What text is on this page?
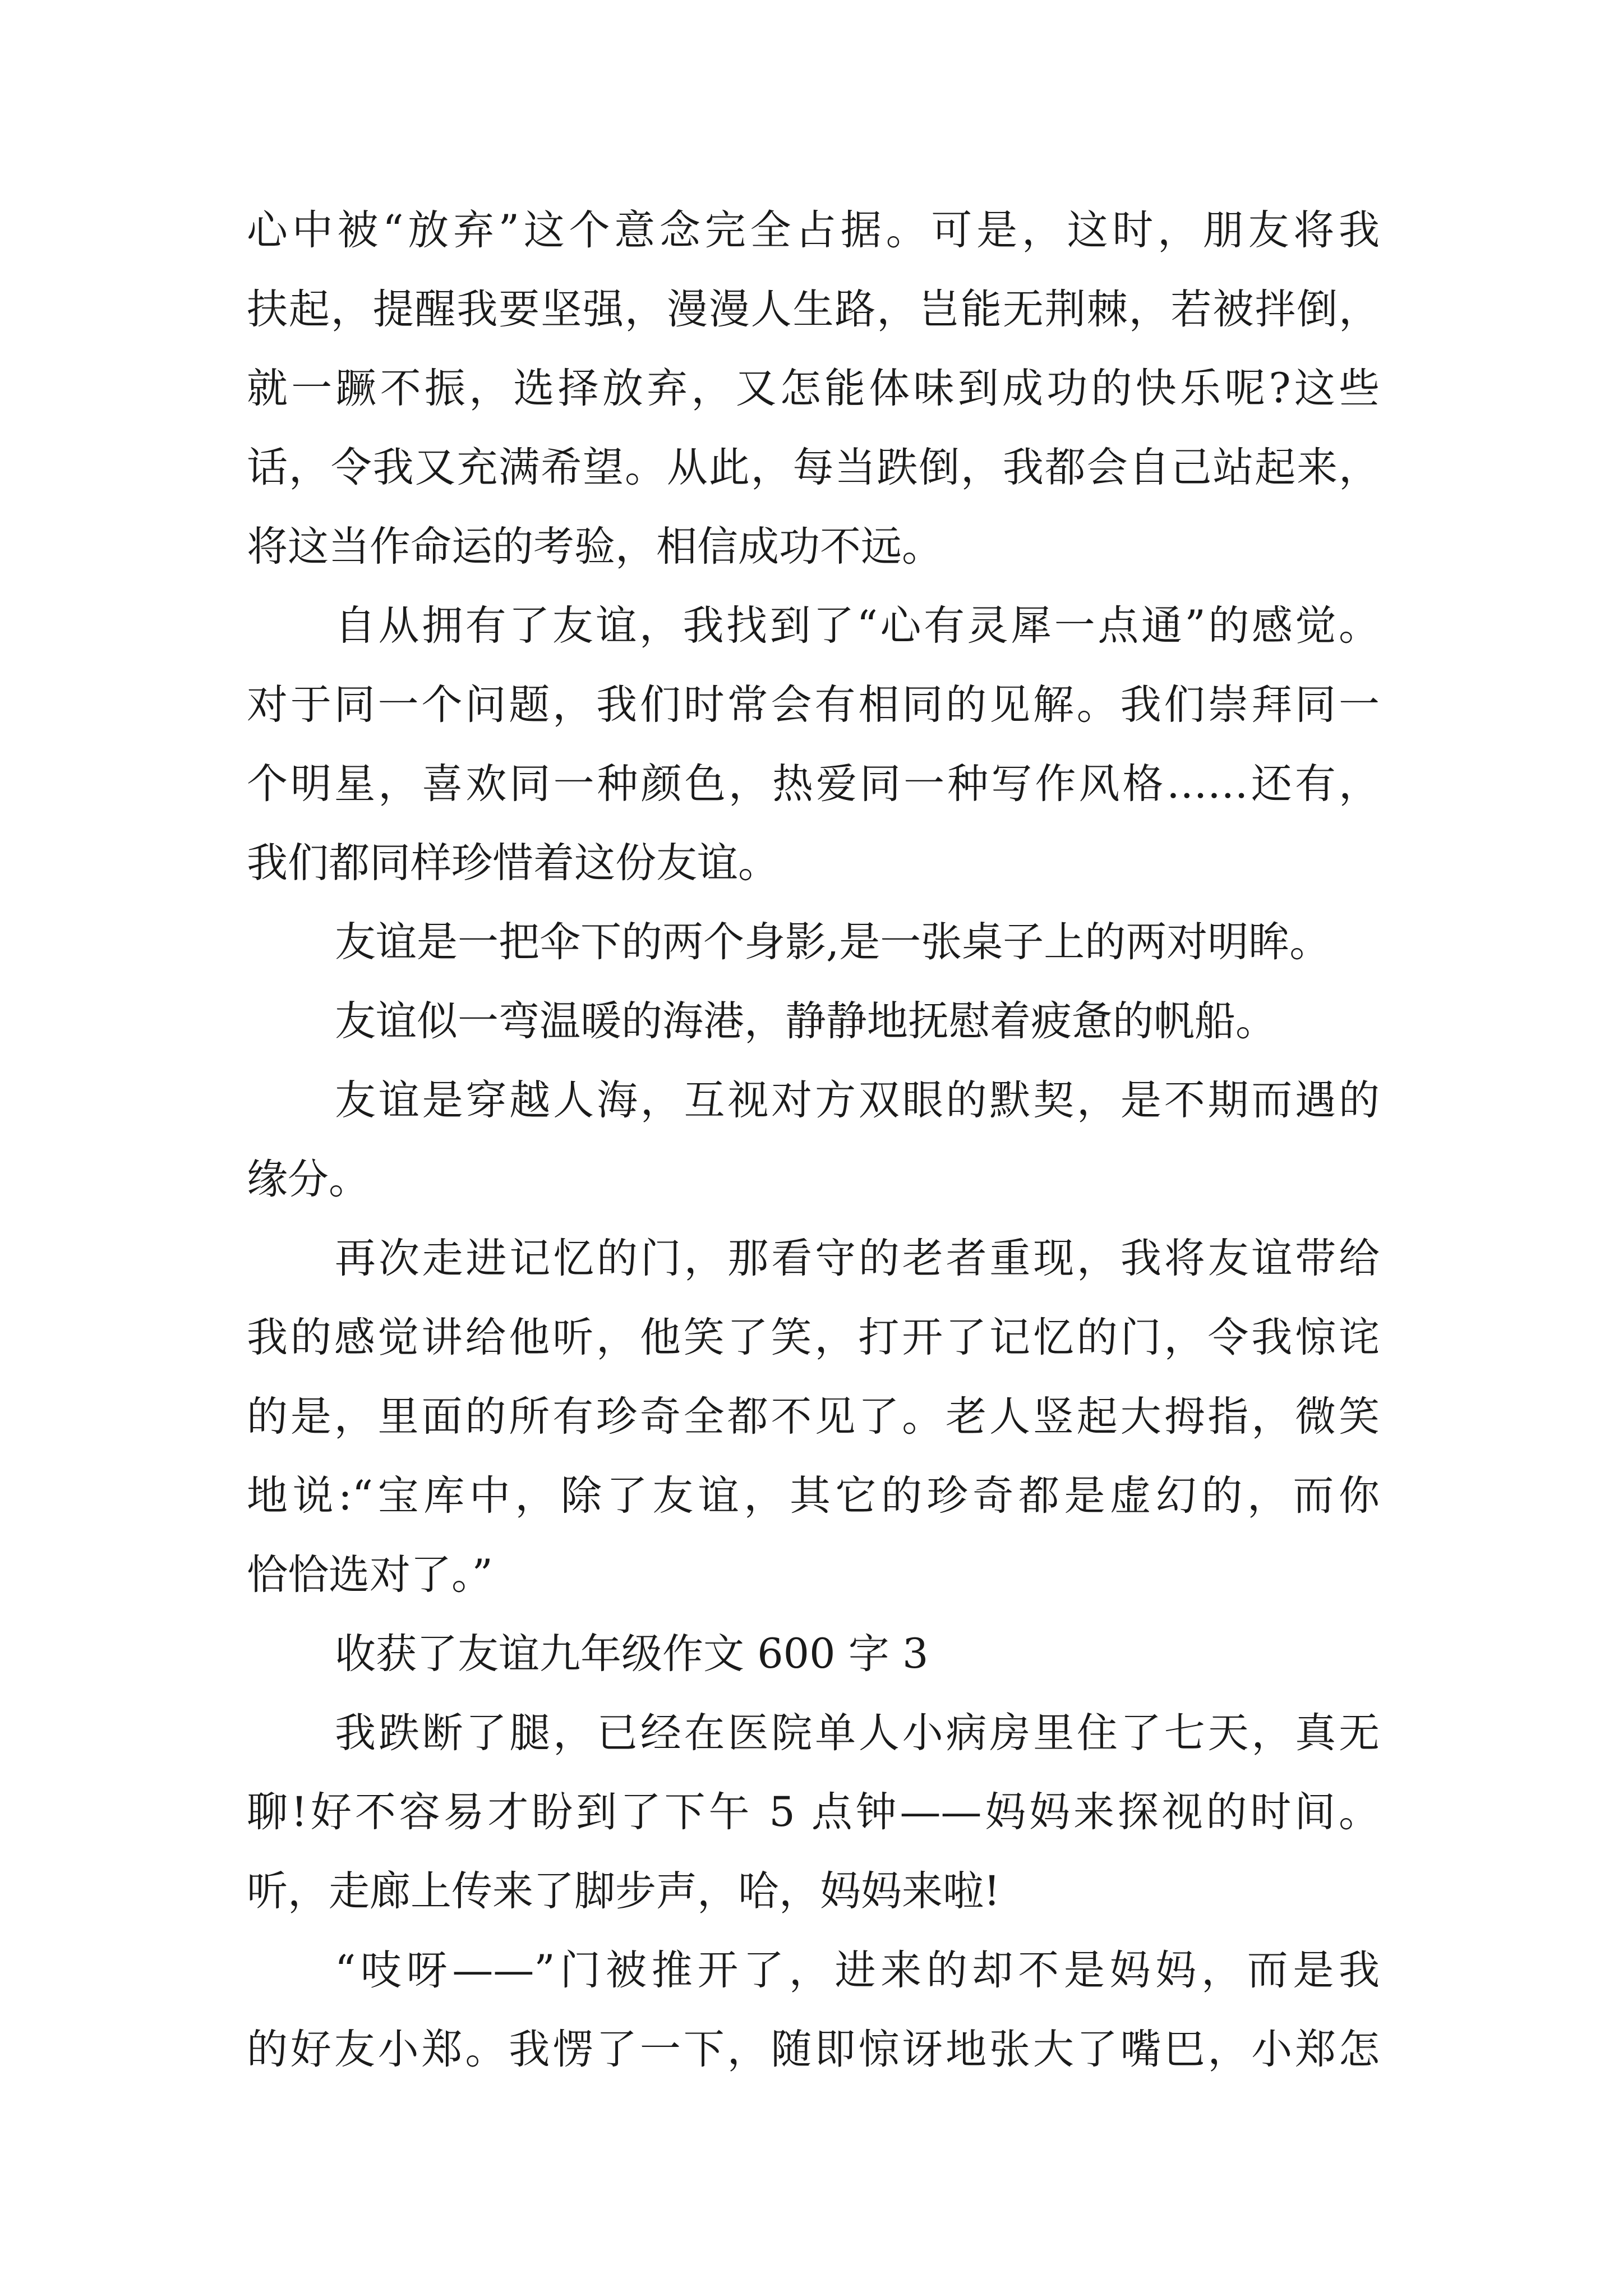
心中被“放弃”这个意念完全占据。可是，这时，朋友将我
扶起，提醒我要坚强，漫漫人生路，岂能无荆棘，若被拌倒，
就一蹶不振，选择放弃，又怎能体味到成功的快乐呢?这些
话，令我又充满希望。从此，每当跌倒，我都会自己站起来，
将这当作命运的考验，相信成功不远。
自从拥有了友谊，我找到了“心有灵犀一点通”的感觉。
对于同一个问题，我们时常会有相同的见解。我们崇拜同一
个明星，喜欢同一种颜色，热爱同一种写作风格……还有，
我们都同样珍惜着这份友谊。
友谊是一把伞下的两个身影,是一张桌子上的两对明眸。
友谊似一弯温暖的海港，静静地抚慰着疲惫的帆船。
友谊是穿越人海，互视对方双眼的默契，是不期而遇的
缘分。
再次走进记忆的门，那看守的老者重现，我将友谊带给
我的感觉讲给他听，他笑了笑，打开了记忆的门，令我惊诧
的是，里面的所有珍奇全都不见了。老人竖起大拇指，微笑
地说:“宝库中，除了友谊，其它的珍奇都是虚幻的，而你
恰恰选对了。”
收获了友谊九年级作文 600 字 3
我跌断了腿，已经在医院单人小病房里住了七天，真无
聊!好不容易才盼到了下午 5 点钟——妈妈来探视的时间。
听，走廊上传来了脚步声，哈，妈妈来啦!
“吱呀——”门被推开了，进来的却不是妈妈，而是我
的好友小郑。我愣了一下，随即惊讶地张大了嘴巴，小郑怎
